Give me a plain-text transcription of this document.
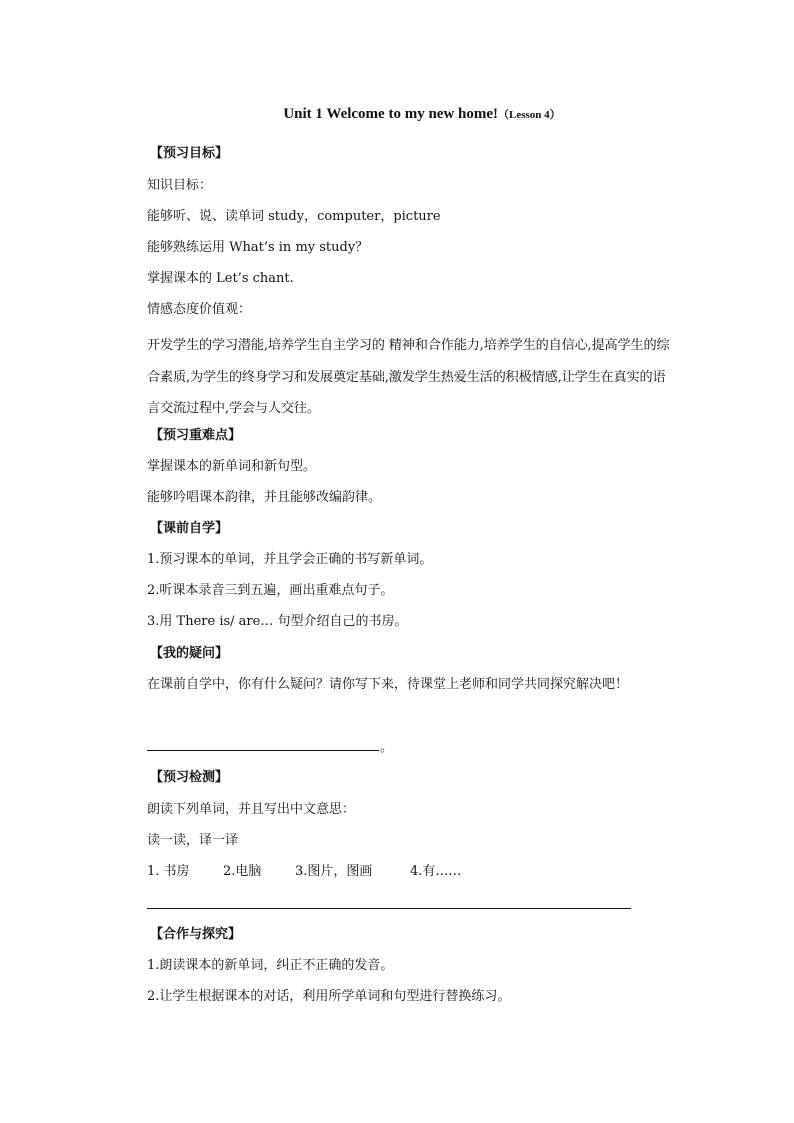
Unit 1 Welcome to my new home!（Lesson 4）
【预习目标】
知识目标：
能够听、说、读单词 study，computer，picture
能够熟练运用 What’s in my study？
掌握课本的 Let’s chant.
情感态度价值观：
开发学生的学习潜能,培养学生自主学习的 精神和合作能力,培养学生的自信心,提高学生的综合素质,为学生的终身学习和发展奠定基础,激发学生热爱生活的积极情感,让学生在真实的语言交流过程中,学会与人交往。
【预习重难点】
掌握课本的新单词和新句型。
能够吟唱课本韵律，并且能够改编韵律。
【课前自学】
1.预习课本的单词，并且学会正确的书写新单词。
2.听课本录音三到五遍，画出重难点句子。
3.用 There is/ are… 句型介绍自己的书房。
【我的疑问】
在课前自学中，你有什么疑问？请你写下来，待课堂上老师和同学共同探究解决吧！
。
【预习检测】
朗读下列单词，并且写出中文意思：
读一读，译一译
1. 书房	2.电脑	3.图片，图画	4.有……
【合作与探究】
1.朗读课本的新单词，纠正不正确的发音。
2.让学生根据课本的对话，利用所学单词和句型进行替换练习。
